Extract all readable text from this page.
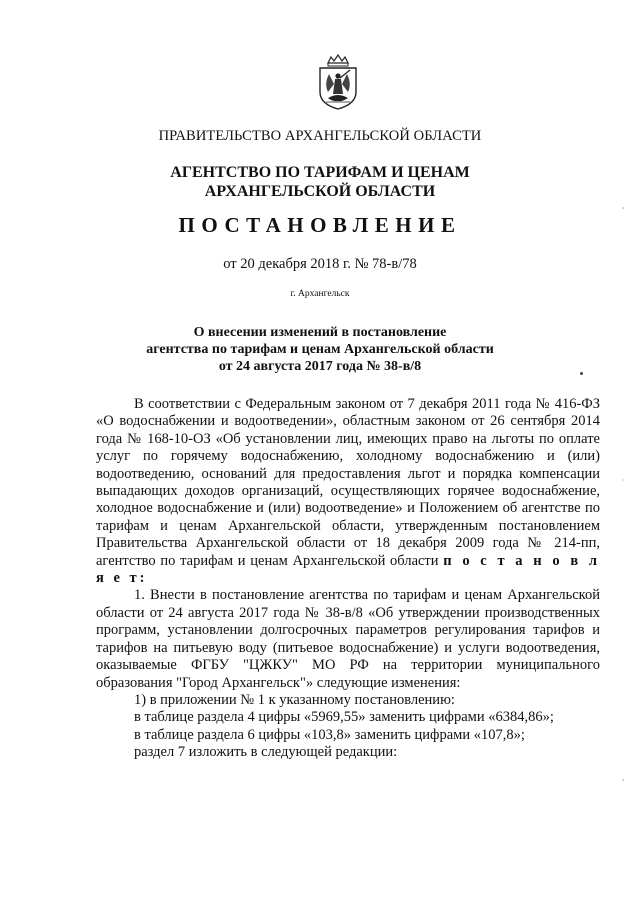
ПРАВИТЕЛЬСТВО АРХАНГЕЛЬСКОЙ ОБЛАСТИ
АГЕНТСТВО ПО ТАРИФАМ И ЦЕНАМ
АРХАНГЕЛЬСКОЙ ОБЛАСТИ
ПОСТАНОВЛЕНИЕ
от 20 декабря 2018 г. № 78-в/78
г. Архангельск
О внесении изменений в постановление
агентства по тарифам и ценам Архангельской области
от 24 августа 2017 года № 38-в/8

В соответствии с Федеральным законом от 7 декабря 2011 года № 416-ФЗ «О водоснабжении и водоотведении», областным законом от 26 сентября 2014 года № 168-10-ОЗ «Об установлении лиц, имеющих право на льготы по оплате услуг по горячему водоснабжению, холодному водоснабжению и (или) водоотведению, оснований для предоставления льгот и порядка компенсации выпадающих доходов организаций, осуществляющих горячее водоснабжение, холодное водоснабжение и (или) водоотведение» и Положением об агентстве по тарифам и ценам Архангельской области, утвержденным постановлением Правительства Архангельской области от 18 декабря 2009 года № 214-пп, агентство по тарифам и ценам Архангельской области п о с т а н о в л я е т:

1. Внести в постановление агентства по тарифам и ценам Архангельской области от 24 августа 2017 года № 38-в/8 «Об утверждении производственных программ, установлении долгосрочных параметров регулирования тарифов и тарифов на питьевую воду (питьевое водоснабжение) и услуги водоотведения, оказываемые ФГБУ "ЦЖКУ" МО РФ на территории муниципального образования "Город Архангельск"» следующие изменения:

1) в приложении № 1 к указанному постановлению:

в таблице раздела 4 цифры «5969,55» заменить цифрами «6384,86»;

в таблице раздела 6 цифры «103,8» заменить цифрами «107,8»;

раздел 7 изложить в следующей редакции:

'
·
'
